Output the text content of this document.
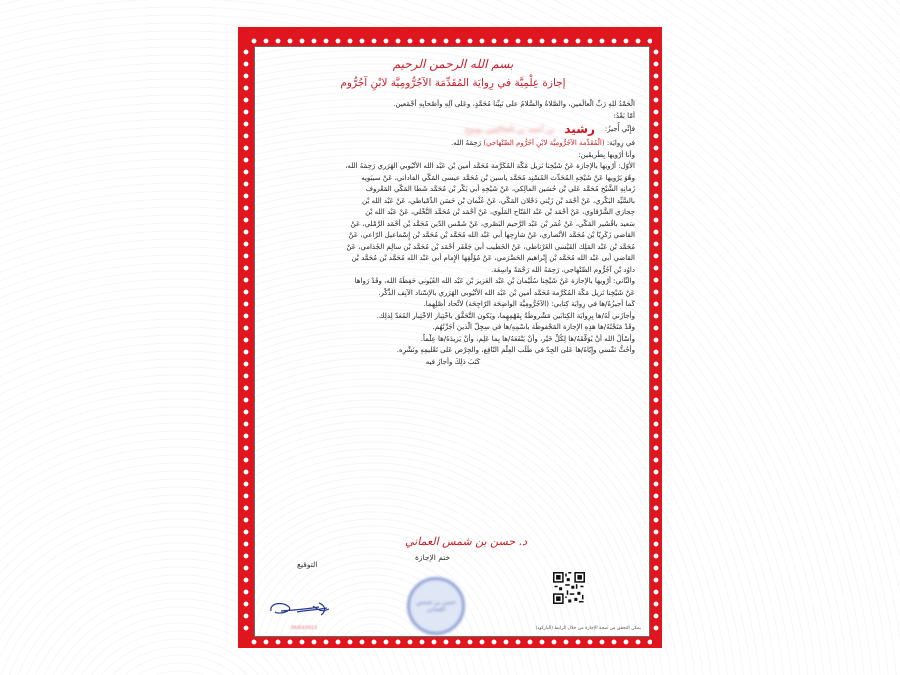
بسم الله الرحمن الرحيم
إجازة عِلْمِيَّة في رِوايَة المُقَدِّمَة الآجُرُّومِيَّة لابْنِ آجُرُّوم
الْحَمْدُ للهِ رَبِّ الْعالَمين، والصَّلاةُ والسَّلامُ على نَبِيِّنا مُحَمَّدٍ، وعَلى آلِهِ وأَصْحابِهِ أَجْمَعين.
أمّا بَعْدُ:
فإِنِّي أُجيزُ:
رشيد
بن أحمد بن الحاكمين يونوع
في رِوايَة: (الْمُقَدِّمة الآجُرُّومِيَّة لابْنِ آجُرُّوم الصِّنْهاجي) رَحِمَهُ الله.
وأنا أَرْويها بِطَريقَين:
الأوّل: أَرْويها بالإجازة عَنْ شَيْخِنا نَزيل مَكَّة المُكَرَّمة مُحَمَّد أَمين بْن عَبْد الله الأُتْيُوبي الهَرَري رَحِمَهُ الله،
وهُوَ يَرْويها عَنْ شَيْخِهِ المُحَدِّث المُسْنِد مُحَمَّد ياسين بْن مُحَمَّد عيسى المَكّي الفاداني، عَنْ سيبَويه
زَمانِهِ الشَّيْخ مُحَمَّد عَلي بْن حُسَين المالِكي، عَنْ شَيْخِهِ أَبي بَكْر بْن مُحَمَّد شَطا المَكّي المَعْروف
بالسَّيِّد البَكْري، عَنْ أَحْمَد بْن زَيْني دَحْلان المَكّي، عَنْ عُثْمان بْن حَسَن الدِّمْياطي، عَنْ عَبْد الله بْن
حِجازي الشَّرْقاوي، عَنْ أَحْمَد بْن عَبْد الفَتّاح المَلَوي، عَنْ أَحْمَد بْن مُحَمَّد النَّخْلي، عَنْ عَبْد الله بْن
سَعيد باقُشَير المَكّي، عَنْ عُمَر بْن عَبْد الرَّحيم البَصْري، عَنْ شَمْس الدّين مُحَمَّد بْن أَحْمَد الرَّمْلي، عَنْ
القاضي زَكَرِيّا بْن مُحَمَّد الأَنْصاري، عَنْ شارِحِها أَبي عَبْد الله مُحَمَّد بْن مُحَمَّد بْن إِسْماعيل الرّاعي، عَنْ
مُحَمَّد بْن عَبْد المَلِك القَيْسي الغَرْناطي، عَنْ الخَطيب أَبي جَعْفَر أَحْمَد بْن مُحَمَّد بْن سالِم الجُذامي، عَنْ
القاضي أَبي عَبْد الله مُحَمَّد بْن إِبْراهيم الحَضْرَمي، عَنْ مُؤَلِّفِها الإِمام أَبي عَبْد الله مُحَمَّد بْن مُحَمَّد بْن
داوُد بْن آجُرُّوم الصِّنْهاجي، رَحِمَهُ الله رَحْمَةً واسِعَة.
والثّاني: أَرْويها بالإجازة عَنْ شَيْخِنا سُلَيْمان بْن عَبْد العَزيز بْن عَبْد الله العُيُوني حَفِظَهُ الله، وقَدْ رَواها
عَنْ شَيْخِنا نَزيل مَكَّة المُكَرَّمة مُحَمَّد أَمين بْن عَبْد الله الأُتْيُوبي الهَرَري بالإسْناد الآنِف الذِّكْر.
كَما أُجيزُهُ/ها في رِوايَة كِتابي: (الآجُرُّومِيَّة الواضِحَة الرّاجِحَة) لاتِّحاد أَصْلِهِما.
وأَجازَني لَهُ/ها بِرِوايَة الكِتابَين مَشْروطَةٌ بِفَهْمِهِما، ويَكون التَّحَقُّق باخْتِبار الاخْتِبار المُعَدّ لِذلِك.
وقَدْ مَنَحْتُهُ/ها هذِهِ الإجازة المَحْفوظَة باسْمِهِ/ها في سِجِلّ الَّذين أَجَزْتُهُم.
وأَسْأَلُ الله أَنْ يُوَفِّقَهُ/ها لِكُلِّ خَيْر، وأَنْ يَنْفَعَهُ/ها بِما عَلِم، وأَنْ يَزيدَهُ/ها عِلْماً.
وأَحُثُّ نَفْسي وإِيّاهُ/ها عَلى الجِدّ في طَلَب العِلْم النّافِع، والحِرْص عَلى تَعْليمِهِ ونَشْرِه.
كَتَبَ ذلِكَ وأَجازَ فيه
د. حسن بن شمس العماني
ختم الإجازة
التوقيع
حسن بن شمس العماني
06/03/2023	يمكن التحقق من صحة الإجازة من خلال الرابط (الباركود)
